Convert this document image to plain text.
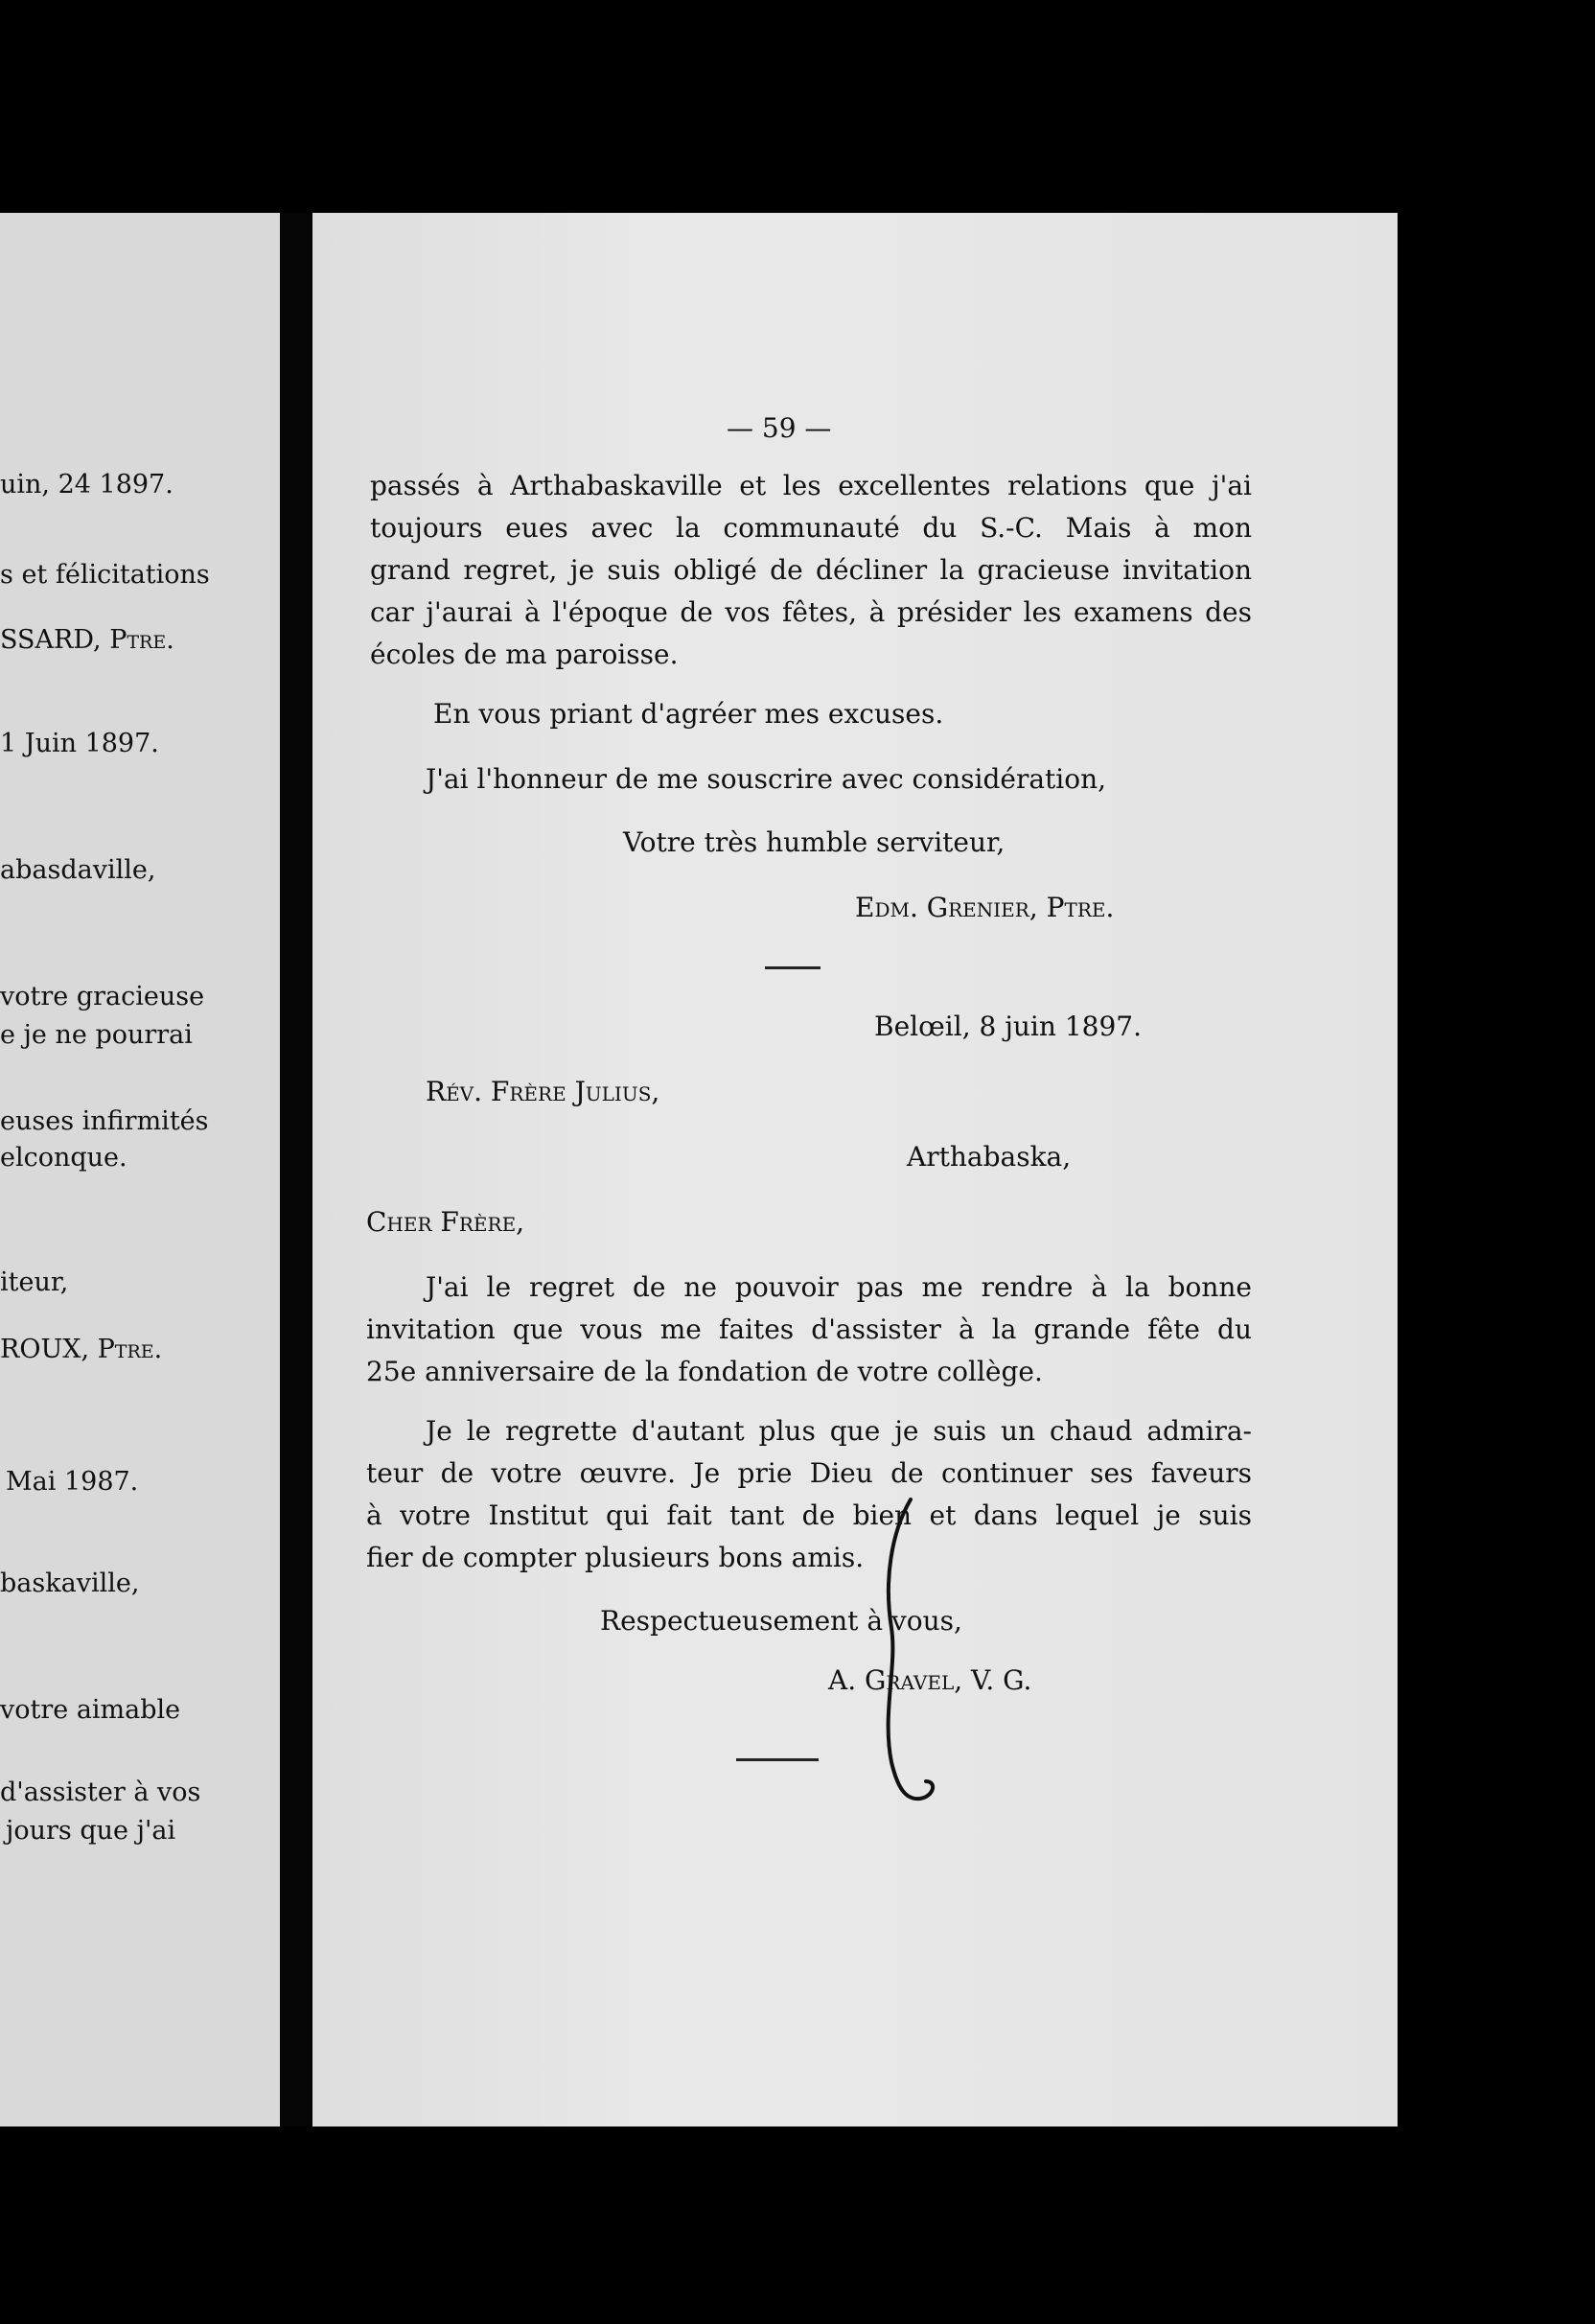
uin, 24 1897.
s et félicitations
SSARD, Ptre.
1 Juin 1897.
abasdaville,
votre gracieuse
e je ne pourrai
euses infirmités
elconque.
iteur,
ROUX, Ptre.
Mai 1987.
baskaville,
votre aimable
d'assister à vos
jours que j'ai
— 59 —
passés à Arthabaskaville et les excellentes relations que j'ai
toujours eues avec la communauté du S.-C. Mais à mon
grand regret, je suis obligé de décliner la gracieuse invitation
car j'aurai à l'époque de vos fêtes, à présider les examens des
écoles de ma paroisse.
En vous priant d'agréer mes excuses.
J'ai l'honneur de me souscrire avec considération,
Votre très humble serviteur,
Edm. Grenier, Ptre.
Belœil, 8 juin 1897.
Rév. Frère Julius,
Arthabaska,
Cher Frère,
J'ai le regret de ne pouvoir pas me rendre à la bonne
invitation que vous me faites d'assister à la grande fête du
25e anniversaire de la fondation de votre collège.
Je le regrette d'autant plus que je suis un chaud admira-
teur de votre œuvre. Je prie Dieu de continuer ses faveurs
à votre Institut qui fait tant de bien et dans lequel je suis
fier de compter plusieurs bons amis.
Respectueusement à vous,
A. Gravel, V. G.
